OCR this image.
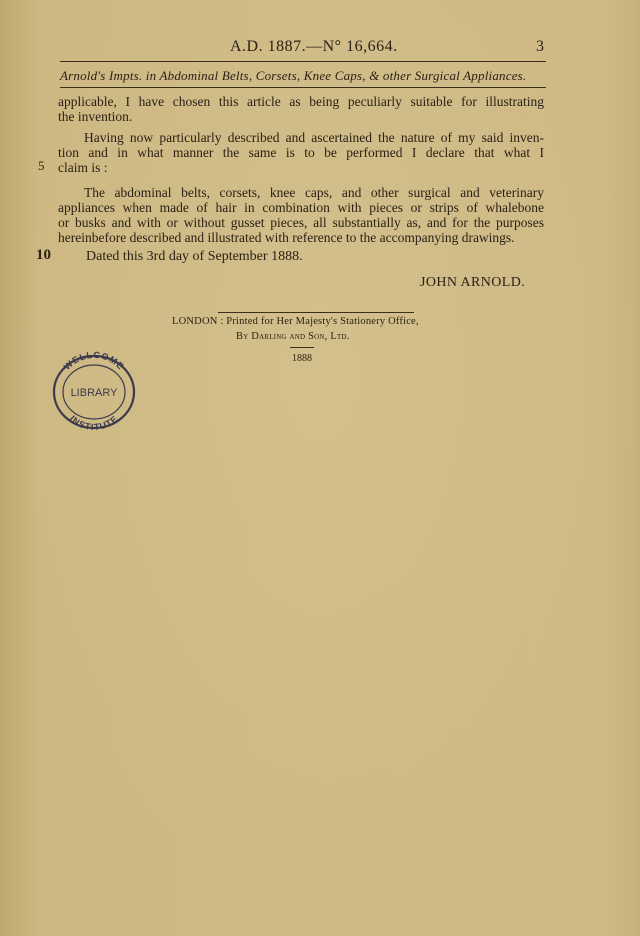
A.D. 1887.—N° 16,664.	3
Arnold's Impts. in Abdominal Belts, Corsets, Knee Caps, & other Surgical Appliances.
applicable, I have chosen this article as being peculiarly suitable for illustrating
the invention.
Having now particularly described and ascertained the nature of my said inven-
tion and in what manner the same is to be performed I declare that what I
claim is :
5
The abdominal belts, corsets, knee caps, and other surgical and veterinary
appliances when made of hair in combination with pieces or strips of whalebone
or busks and with or without gusset pieces, all substantially as, and for the purposes
hereinbefore described and illustrated with reference to the accompanying drawings.
10	Dated this 3rd day of September 1888.
JOHN ARNOLD.
LONDON : Printed for Her Majesty's Stationery Office,
By Darling and Son, Ltd.
1888
WELLCOME
LIBRARY
INSTITUTE
